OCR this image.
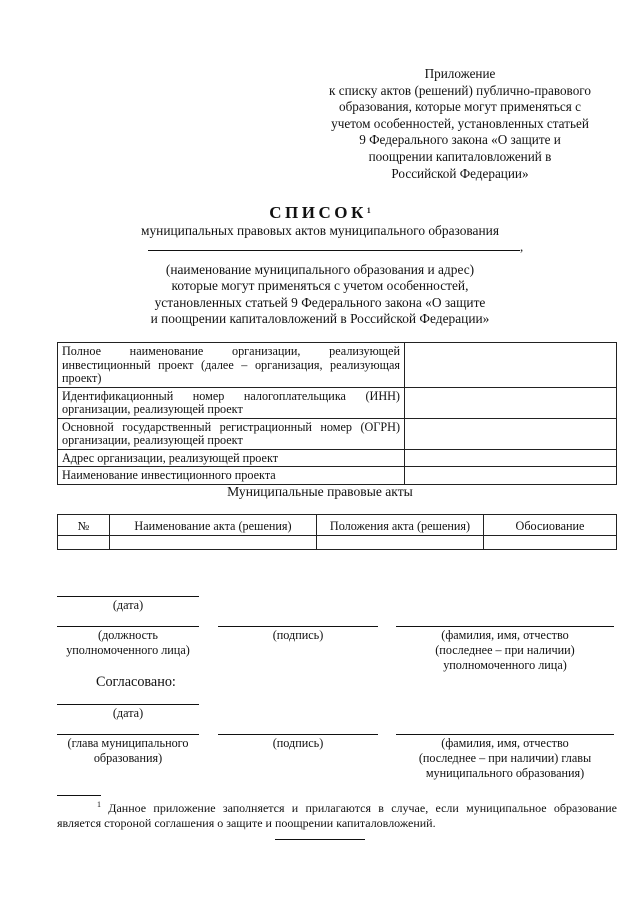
Приложение
к списку актов (решений) публично-правового
образования, которые могут применяться с
учетом особенностей, установленных статьей
9 Федерального закона «О защите и
поощрении капиталовложений в
Российской Федерации»
СПИСОК$^1$
муниципальных правовых актов муниципального образования
,
(наименование муниципального образования и адрес)
которые могут применяться с учетом особенностей,
установленных статьей 9 Федерального закона «О защите
и поощрении капиталовложений в Российской Федерации»
Полное наименование организации, реализующей инвестиционный проект (далее – организация, реализующая проект)	
Идентификационный номер налогоплательщика (ИНН) организации, реализующей проект	
Основной государственный регистрационный номер (ОГРН) организации, реализующей проект	
Адрес организации, реализующей проект	
Наименование инвестиционного проекта	
Муниципальные правовые акты
№	Наименование акта (решения)	Положения акта (решения)	Обосиование

(дата)
(должность
уполномоченного лица)
(подпись)	(фамилия, имя, отчество
(последнее – при наличии)
уполномоченного лица)
Согласовано:
(дата)
(глава муниципального
образования)
(подпись)	(фамилия, имя, отчество
(последнее – при наличии) главы
муниципального образования)
$^1$ Данное приложение заполняется и прилагаются в случае, если муниципальное образование является стороной соглашения о защите и поощрении капиталовложений.
